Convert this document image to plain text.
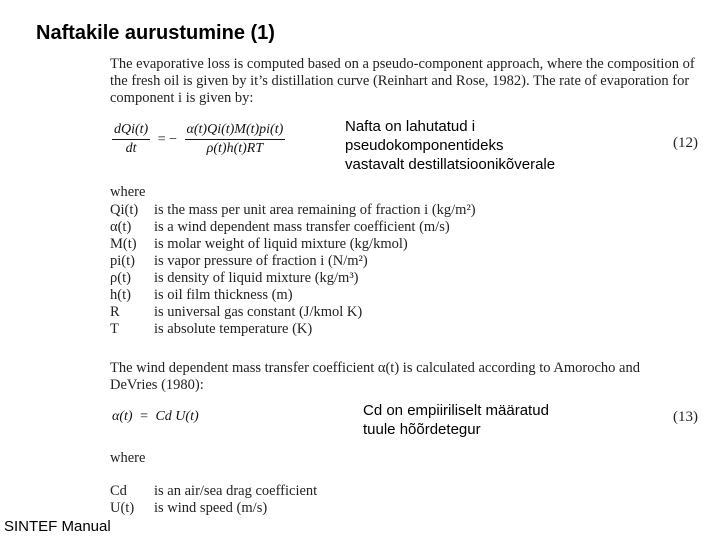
Naftakile aurustumine (1)
The evaporative loss is computed based on a pseudo-component approach, where the composition of the fresh oil is given by it’s distillation curve (Reinhart and Rose, 1982). The rate of evaporation for component i is given by:
$\frac{\text{dQi(t)}}{dt}$ = − $\frac{\alpha(t)Qi(t)M(t)pi(t)}{\rho(t)h(t)RT}$	(12)
Nafta on lahutatud i
pseudokomponentideks
vastavalt destillatsioonikõverale
where
Qi(t) is the mass per unit area remaining of fraction i (kg/m²)
α(t) is a wind dependent mass transfer coefficient (m/s)
M(t) is molar weight of liquid mixture (kg/kmol)
pi(t) is vapor pressure of fraction i (N/m²)
ρ(t) is density of liquid mixture (kg/m³)
h(t) is oil film thickness (m)
R is universal gas constant (J/kmol K)
T is absolute temperature (K)
The wind dependent mass transfer coefficient α(t) is calculated according to Amorocho and DeVries (1980):
α(t) = Cd U(t)	(13)
Cd on empiiriliselt määratud
tuule hõõrdetegur
where
Cd is an air/sea drag coefficient
U(t) is wind speed (m/s)
SINTEF Manual
